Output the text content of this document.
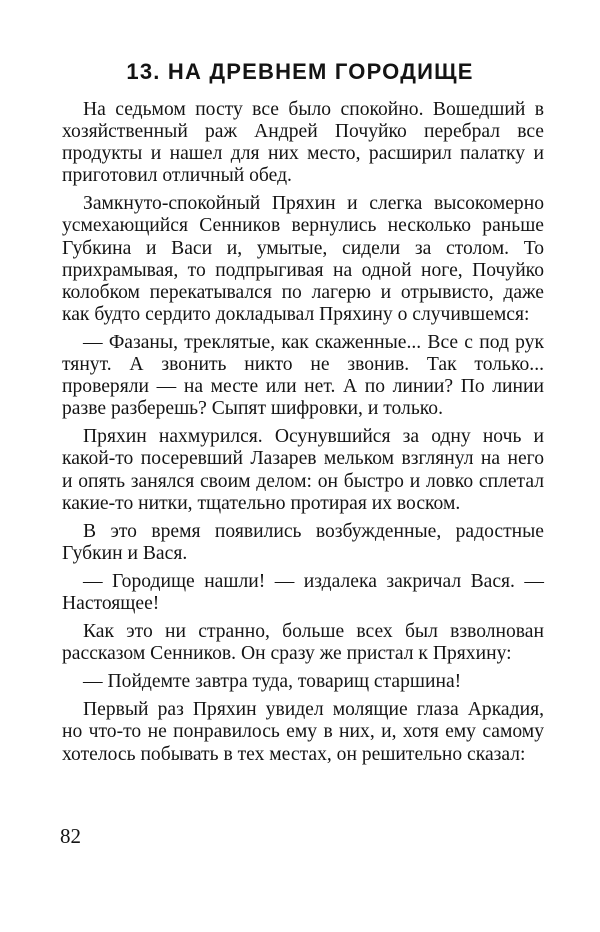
13. НА ДРЕВНЕМ ГОРОДИЩЕ

На седьмом посту все было спокойно. Вошедший в хозяйственный раж Андрей Почуйко перебрал все продукты и нашел для них место, расширил палатку и приготовил отличный обед.

Замкнуто-спокойный Пряхин и слегка высокомерно усмехающийся Сенников вернулись несколько раньше Губкина и Васи и, умытые, сидели за столом. То прихрамывая, то подпрыгивая на одной ноге, Почуйко колобком перекатывался по лагерю и отрывисто, даже как будто сердито докладывал Пряхину о случившемся:

— Фазаны, треклятые, как скаженные... Все с под рук тянут. А звонить никто не звонив. Так только... проверяли — на месте или нет. А по линии? По линии разве разберешь? Сыпят шифровки, и только.

Пряхин нахмурился. Осунувшийся за одну ночь и какой-то посеревший Лазарев мельком взглянул на него и опять занялся своим делом: он быстро и ловко сплетал какие-то нитки, тщательно протирая их воском.

В это время появились возбужденные, радостные Губкин и Вася.

— Городище нашли! — издалека закричал Вася. — Настоящее!

Как это ни странно, больше всех был взволнован рассказом Сенников. Он сразу же пристал к Пряхину:

— Пойдемте завтра туда, товарищ старшина!

Первый раз Пряхин увидел молящие глаза Аркадия, но что-то не понравилось ему в них, и, хотя ему самому хотелось побывать в тех местах, он решительно сказал:

82
